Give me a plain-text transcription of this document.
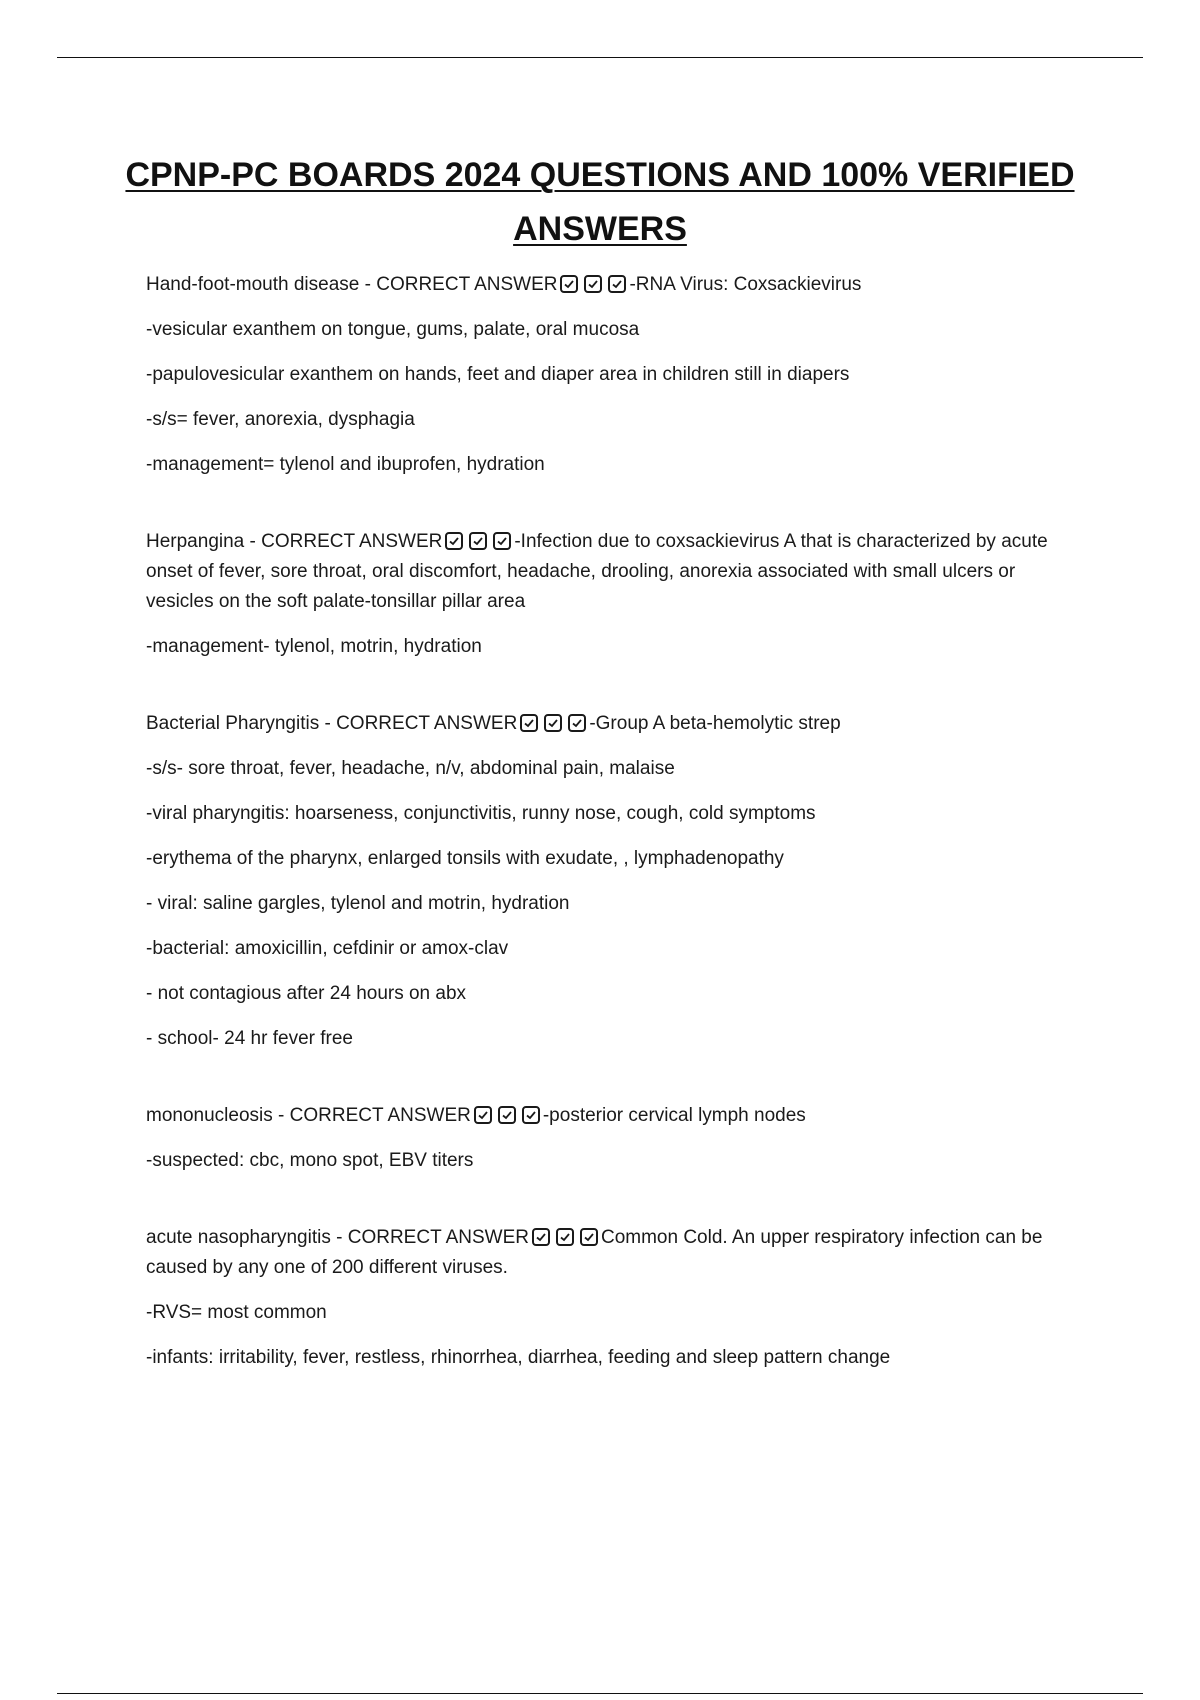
CPNP-PC BOARDS 2024 QUESTIONS AND 100% VERIFIED ANSWERS

Hand-foot-mouth disease - CORRECT ANSWER	-RNA Virus: Coxsackievirus

-vesicular exanthem on tongue, gums, palate, oral mucosa

-papulovesicular exanthem on hands, feet and diaper area in children still in diapers

-s/s= fever, anorexia, dysphagia

-management= tylenol and ibuprofen, hydration

Herpangina - CORRECT ANSWER	-Infection due to coxsackievirus A that is characterized by acute onset of fever, sore throat, oral discomfort, headache, drooling, anorexia associated with small ulcers or vesicles on the soft palate-tonsillar pillar area

-management- tylenol, motrin, hydration

Bacterial Pharyngitis - CORRECT ANSWER	-Group A beta-hemolytic strep

-s/s- sore throat, fever, headache, n/v, abdominal pain, malaise

-viral pharyngitis: hoarseness, conjunctivitis, runny nose, cough, cold symptoms

-erythema of the pharynx, enlarged tonsils with exudate, , lymphadenopathy

- viral: saline gargles, tylenol and motrin, hydration

-bacterial: amoxicillin, cefdinir or amox-clav

- not contagious after 24 hours on abx

- school- 24 hr fever free

mononucleosis - CORRECT ANSWER	-posterior cervical lymph nodes

-suspected: cbc, mono spot, EBV titers

acute nasopharyngitis - CORRECT ANSWER	Common Cold. An upper respiratory infection can be caused by any one of 200 different viruses.

-RVS= most common

-infants: irritability, fever, restless, rhinorrhea, diarrhea, feeding and sleep pattern change
